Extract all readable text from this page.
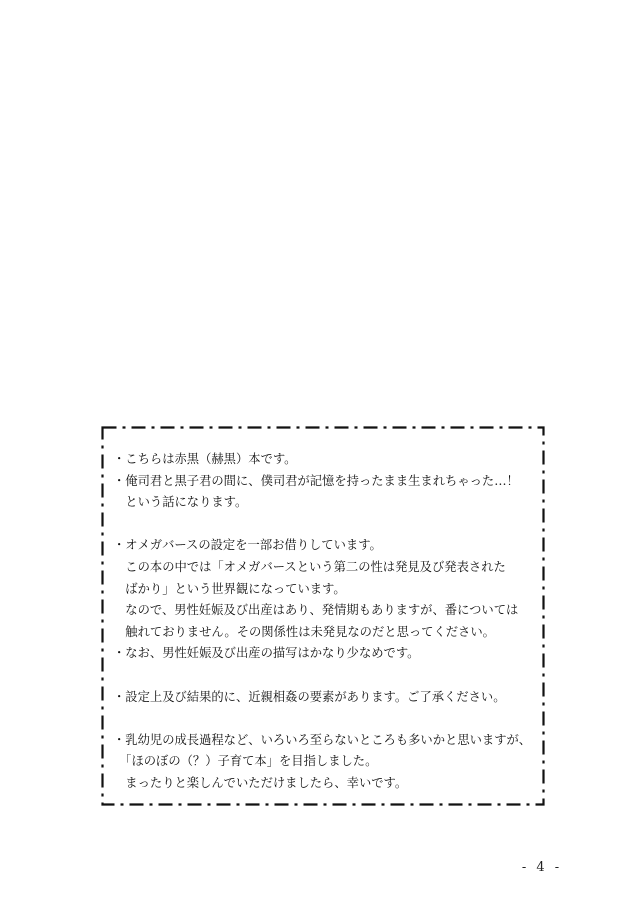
・こちらは赤黒（赫黒）本です。
・俺司君と黒子君の間に、僕司君が記憶を持ったまま生まれちゃった…！
　という話になります。
・オメガバースの設定を一部お借りしています。
　この本の中では「オメガバースという第二の性は発見及び発表された
　ばかり」という世界観になっています。
　なので、男性妊娠及び出産はあり、発情期もありますが、番については
　触れておりません。その関係性は未発見なのだと思ってください。
・なお、男性妊娠及び出産の描写はかなり少なめです。
・設定上及び結果的に、近親相姦の要素があります。ご了承ください。
・乳幼児の成長過程など、いろいろ至らないところも多いかと思いますが、
　「ほのぼの（？）子育て本」を目指しました。
　まったりと楽しんでいただけましたら、幸いです。
- 4 -
